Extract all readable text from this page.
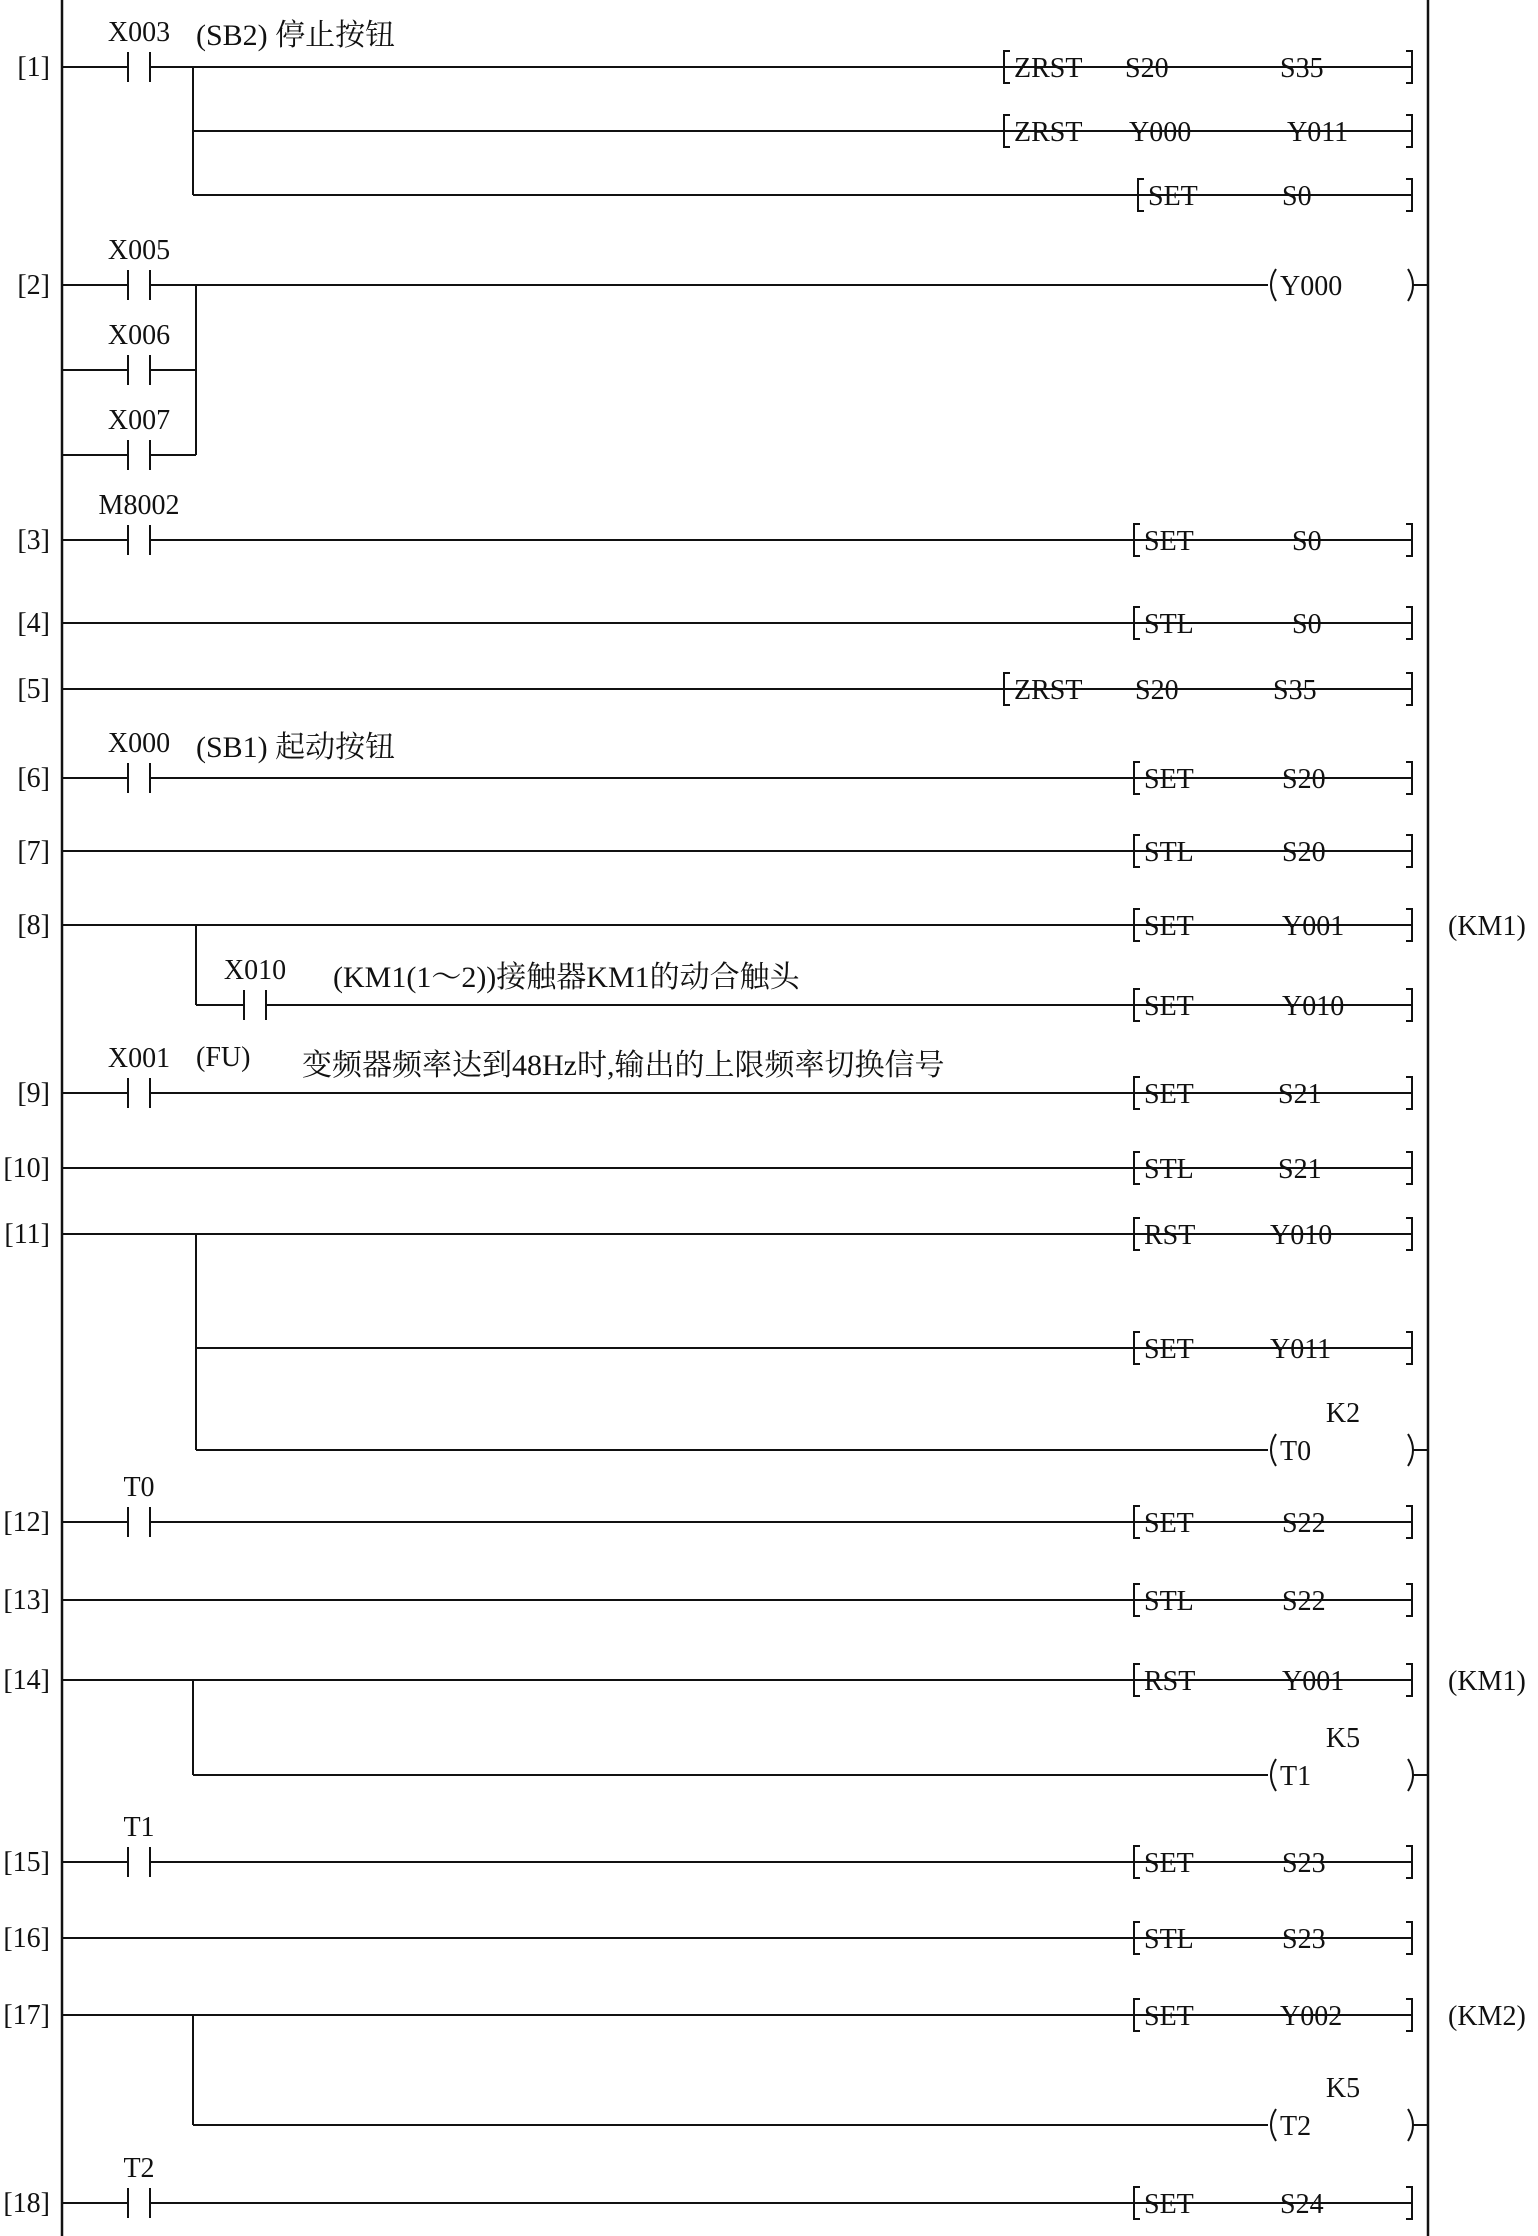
[1]
X003 (SB2) 停止按钮
ZRST S20	S35
ZRST Y000	Y011
SET	S0
[2]
X005
Y000
X006
X007
[3]
M8002
SET	S0
[4]	STL	S0
[5]	ZRST S20	S35
[6]
X000 (SB1) 起动按钮
SET	S20
[7]	STL	S20
[8]	SET	Y001	(KM1)
X010 (KM1(1～2))接触器KM1的动合触头
SET	Y010
[9]
X001 (FU) 变频器频率达到48Hz时,输出的上限频率切换信号
SET	S21
[10]	STL	S21
[11]	RST	Y010
SET	Y011
T0
K2
[12]
T0
SET	S22
[13]	STL	S22
[14]	RST	Y001	(KM1)
T1
K5
[15]
T1
SET	S23
[16]	STL	S23
[17]	SET	Y002	(KM2)
T2
K5
[18]
T2
SET	S24
